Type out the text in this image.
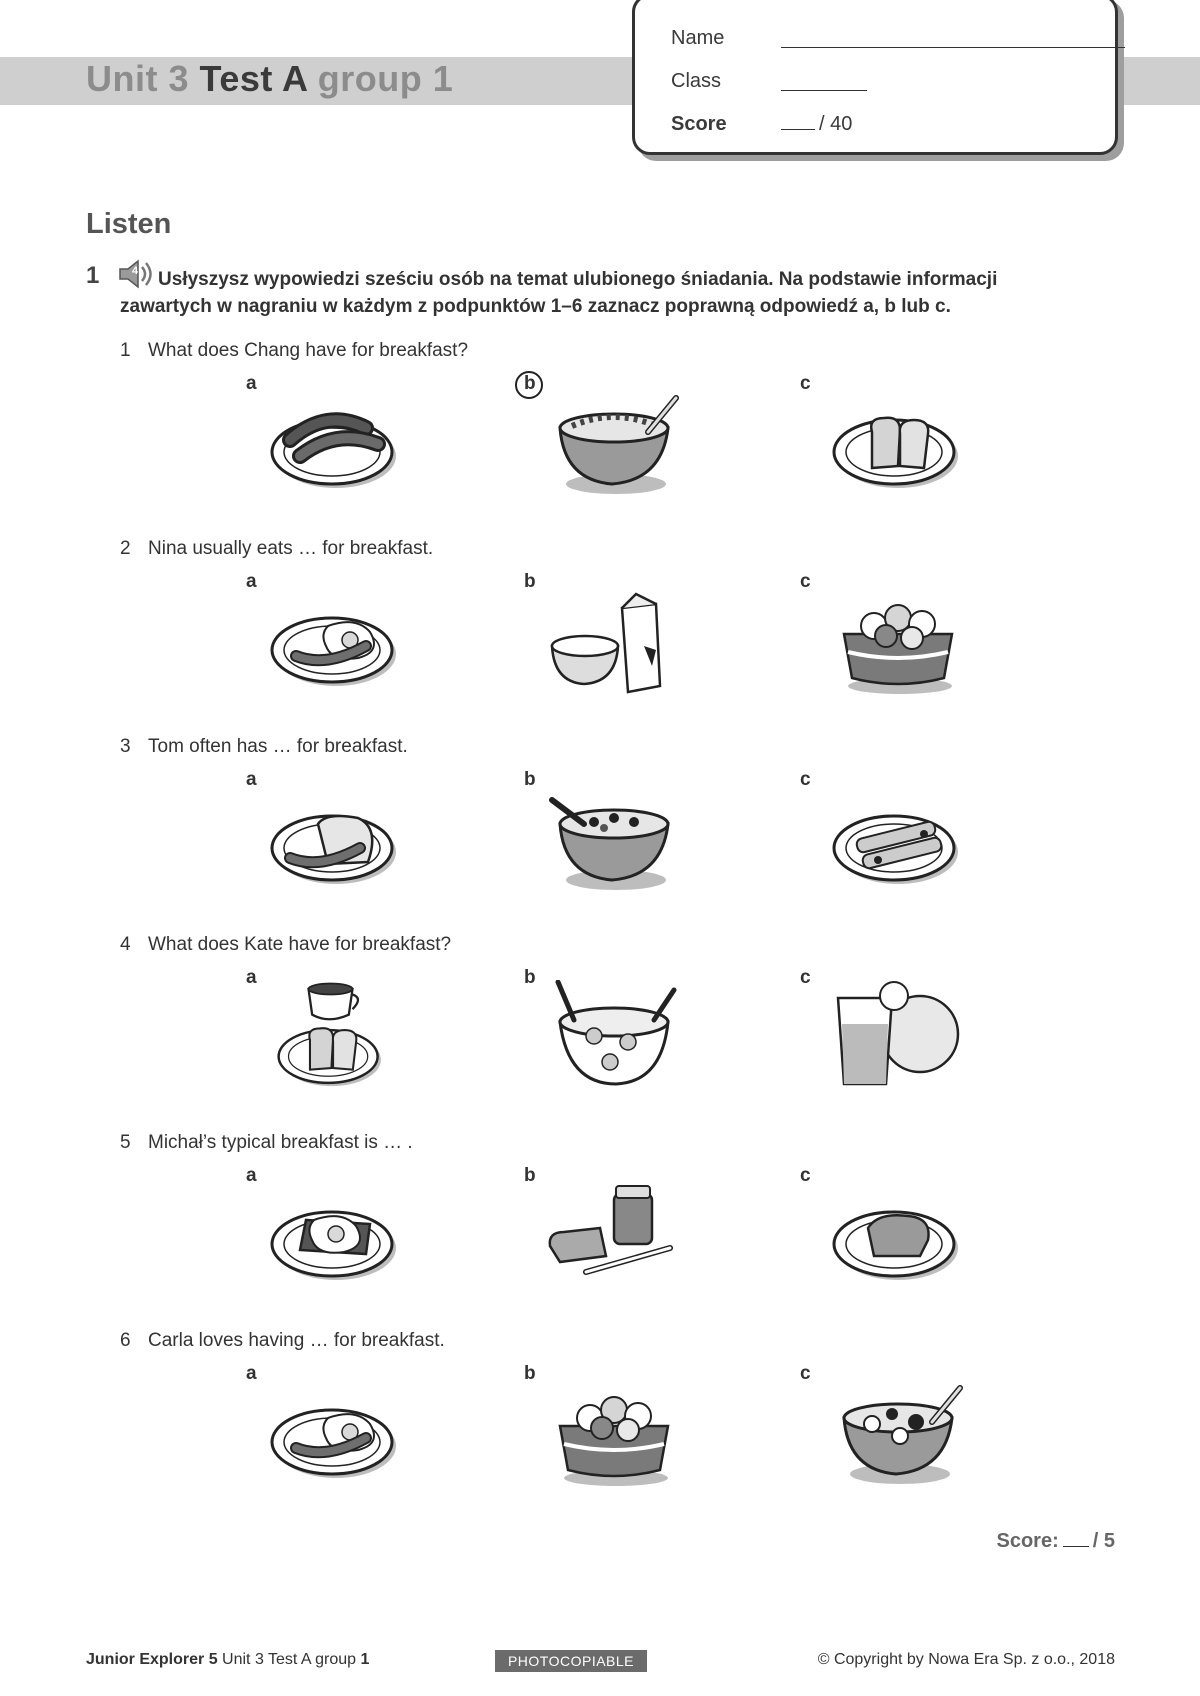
Unit 3 Test A group 1
Name
Class
Score	/ 40
Listen
1	4	Usłyszysz wypowiedzi sześciu osób na temat ulubionego śniadania. Na podstawie informacji zawartych w nagraniu w każdym z podpunktów 1–6 zaznacz poprawną odpowiedź a, b lub c.
1 What does Chang have for breakfast?
a	b	c
2 Nina usually eats … for breakfast.
a	b	c
3 Tom often has … for breakfast.
a	b	c
4 What does Kate have for breakfast?
a	b	c
5 Michał’s typical breakfast is … .
a	b	c
6 Carla loves having … for breakfast.
a	b	c
Score: / 5
Junior Explorer 5 Unit 3 Test A group 1	PHOTOCOPIABLE	© Copyright by Nowa Era Sp. z o.o., 2018
